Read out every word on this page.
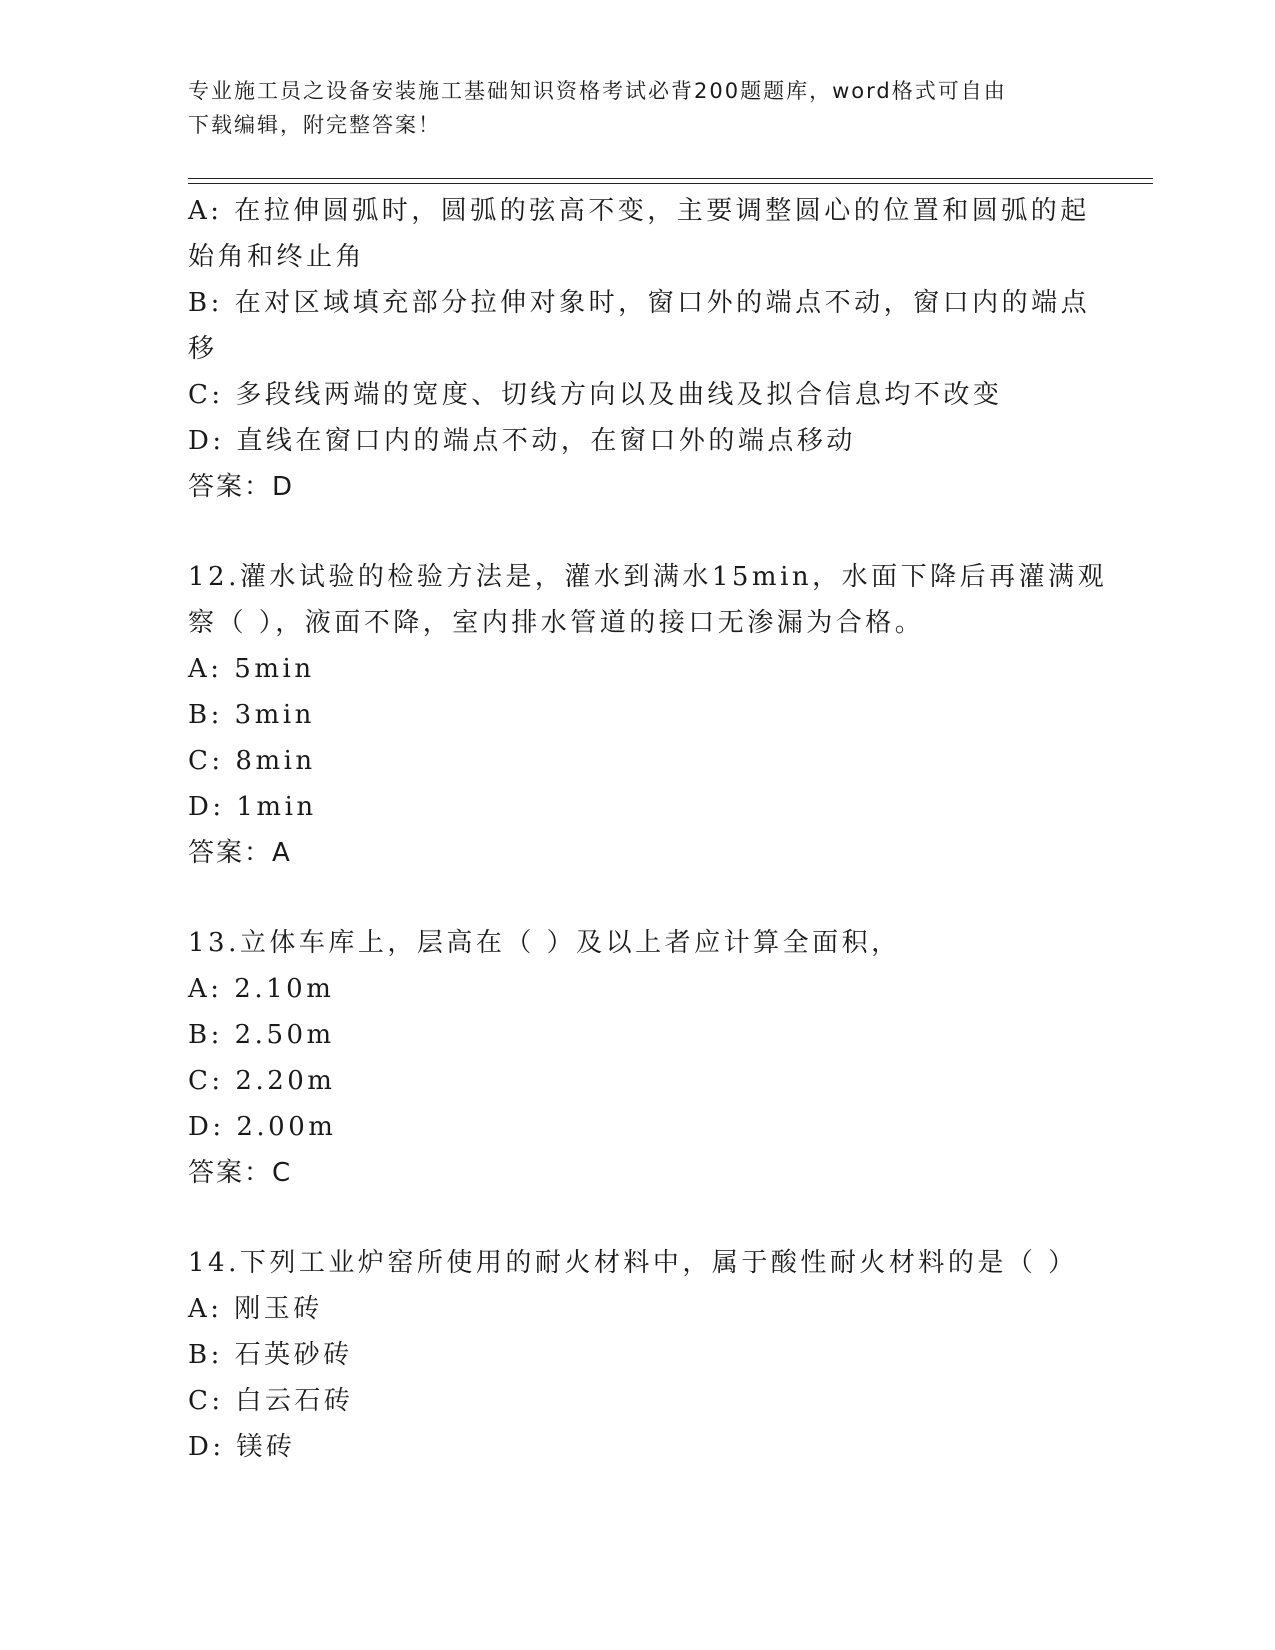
专业施工员之设备安装施工基础知识资格考试必背200题题库，word格式可自由
下载编辑，附完整答案！
A: 在拉伸圆弧时，圆弧的弦高不变，主要调整圆心的位置和圆弧的起
始角和终止角
B: 在对区域填充部分拉伸对象时，窗口外的端点不动，窗口内的端点
移
C: 多段线两端的宽度、切线方向以及曲线及拟合信息均不改变
D: 直线在窗口内的端点不动，在窗口外的端点移动
答案：D
12.灌水试验的检验方法是，灌水到满水15min，水面下降后再灌满观
察（ ），液面不降，室内排水管道的接口无渗漏为合格。
A: 5min
B: 3min
C: 8min
D: 1min
答案：A
13.立体车库上，层高在（ ）及以上者应计算全面积，
A: 2.10m
B: 2.50m
C: 2.20m
D: 2.00m
答案：C
14.下列工业炉窑所使用的耐火材料中，属于酸性耐火材料的是（ ）
A: 刚玉砖
B: 石英砂砖
C: 白云石砖
D: 镁砖
